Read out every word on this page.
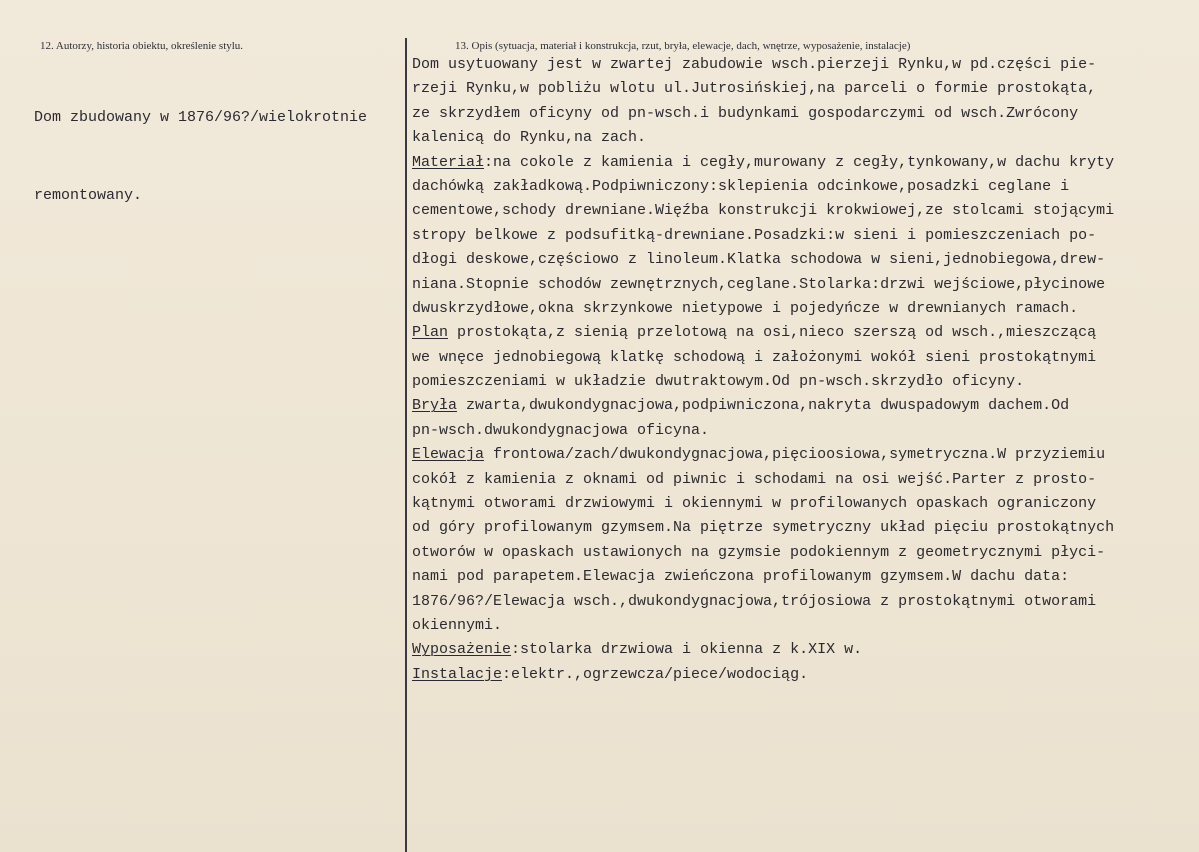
12. Autorzy, historia obiektu, określenie stylu.	13. Opis (sytuacja, materiał i konstrukcja, rzut, bryła, elewacje, dach, wnętrze, wyposażenie, instalacje)

Dom zbudowany w 1876/96?/wielokrotnie

remontowany.

Dom usytuowany jest w zwartej zabudowie wsch.pierzeji Rynku,w pd.części pie-
rzeji Rynku,w pobliżu wlotu ul.Jutrosińskiej,na parceli o formie prostokąta,
ze skrzydłem oficyny od pn-wsch.i budynkami gospodarczymi od wsch.Zwrócony
kalenicą do Rynku,na zach.
Materiał:na cokole z kamienia i cegły,murowany z cegły,tynkowany,w dachu kryty
dachówką zakładkową.Podpiwniczony:sklepienia odcinkowe,posadzki ceglane i
cementowe,schody drewniane.Więźba konstrukcji krokwiowej,ze stolcami stojącymi
stropy belkowe z podsufitką-drewniane.Posadzki:w sieni i pomieszczeniach po-
dłogi deskowe,częściowo z linoleum.Klatka schodowa w sieni,jednobiegowa,drew-
niana.Stopnie schodów zewnętrznych,ceglane.Stolarka:drzwi wejściowe,płycinowe
dwuskrzydłowe,okna skrzynkowe nietypowe i pojedyńcze w drewnianych ramach.
Plan prostokąta,z sienią przelotową na osi,nieco szerszą od wsch.,mieszczącą
we wnęce jednobiegową klatkę schodową i założonymi wokół sieni prostokątnymi
pomieszczeniami w układzie dwutraktowym.Od pn-wsch.skrzydło oficyny.
Bryła zwarta,dwukondygnacjowa,podpiwniczona,nakryta dwuspadowym dachem.Od
pn-wsch.dwukondygnacjowa oficyna.
Elewacja frontowa/zach/dwukondygnacjowa,pięcioosiowa,symetryczna.W przyziemiu
cokół z kamienia z oknami od piwnic i schodami na osi wejść.Parter z prosto-
kątnymi otworami drzwiowymi i okiennymi w profilowanych opaskach ograniczony
od góry profilowanym gzymsem.Na piętrze symetryczny układ pięciu prostokątnych
otworów w opaskach ustawionych na gzymsie podokiennym z geometrycznymi płyci-
nami pod parapetem.Elewacja zwieńczona profilowanym gzymsem.W dachu data:
1876/96?/Elewacja wsch.,dwukondygnacjowa,trójosiowa z prostokątnymi otworami
okiennymi.
Wyposażenie:stolarka drzwiowa i okienna z k.XIX w.
Instalacje:elektr.,ogrzewcza/piece/wodociąg.
